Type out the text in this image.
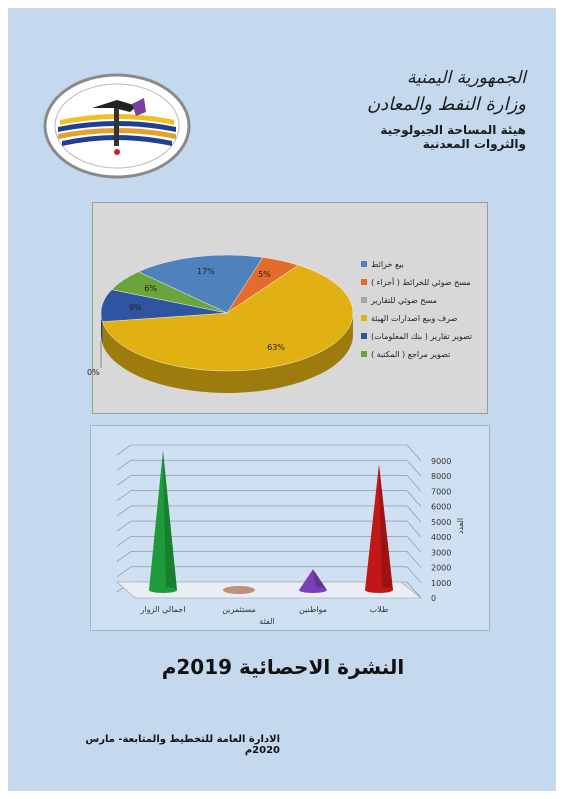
الجمهورية اليمنية
وزارة النفط والمعادن
هيئة المساحة الجيولوجية والثروات المعدنية
بيع خرائط
مسح ضوئي للخرائط ( أجزاء )
مسح ضوئي للتقارير
صرف وبيع اصدارات الهيئة
تصوير تقارير ( بنك المعلومات)
تصوير مراجع ( المكتبة )
17%	5%
0%
63%
9%
6%
0
1000
2000
3000
4000
5000
6000
7000
8000
9000
العدد
اجمالي الزوار	مستثمرين	مواطنين	طلاب
الفئة
النشرة الاحصائية 2019م
الادارة العامة للتخطيط والمتابعة- مارس 2020م
